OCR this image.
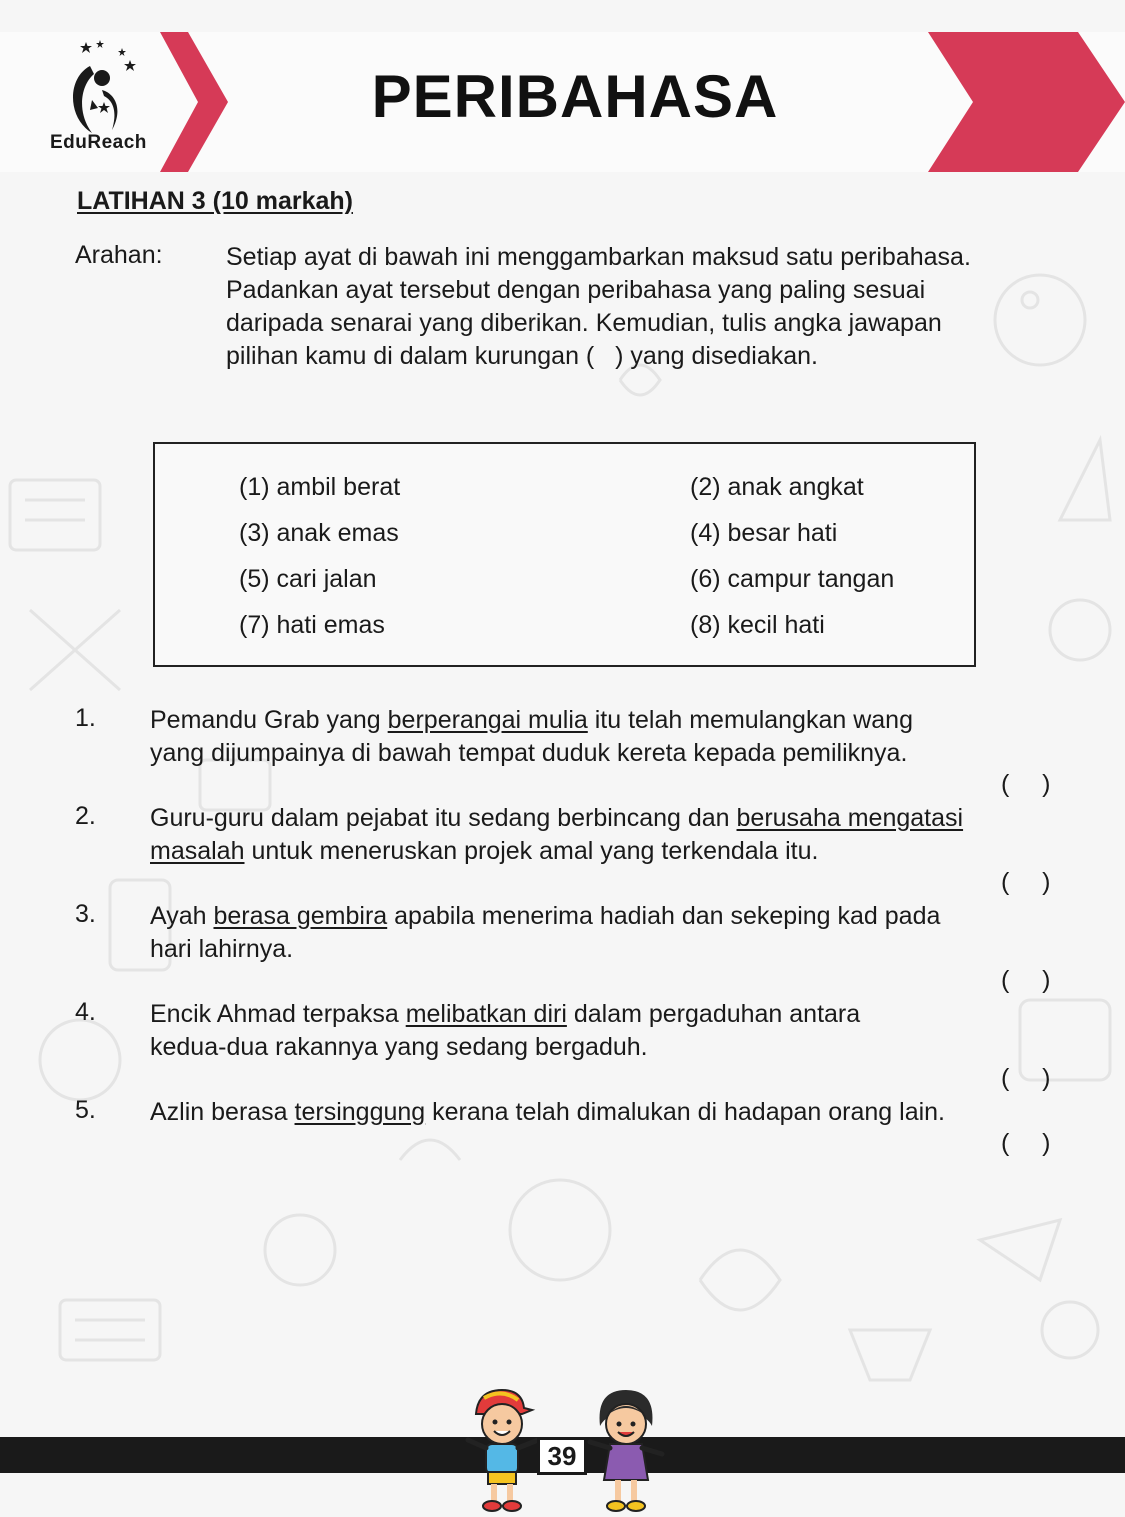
EduReach
PERIBAHASA
LATIHAN 3 (10 markah)
Arahan:	Setiap ayat di bawah ini menggambarkan maksud satu peribahasa.
Padankan ayat tersebut dengan peribahasa yang paling sesuai
daripada senarai yang diberikan. Kemudian, tulis angka jawapan
pilihan kamu di dalam kurungan (   ) yang disediakan.
(1) ambil berat	(2) anak angkat
(3) anak emas	(4) besar hati
(5) cari jalan	(6) campur tangan
(7) hati emas	(8) kecil hati
1. Pemandu Grab yang berperangai mulia itu telah memulangkan wang
yang dijumpainya di bawah tempat duduk kereta kepada pemiliknya.
(    )
2. Guru-guru dalam pejabat itu sedang berbincang dan berusaha mengatasi
masalah untuk meneruskan projek amal yang terkendala itu.
(    )
3. Ayah berasa gembira apabila menerima hadiah dan sekeping kad pada
hari lahirnya.
(    )
4. Encik Ahmad terpaksa melibatkan diri dalam pergaduhan antara
kedua-dua rakannya yang sedang bergaduh.
(    )
5. Azlin berasa tersinggung kerana telah dimalukan di hadapan orang lain.
(    )
39
